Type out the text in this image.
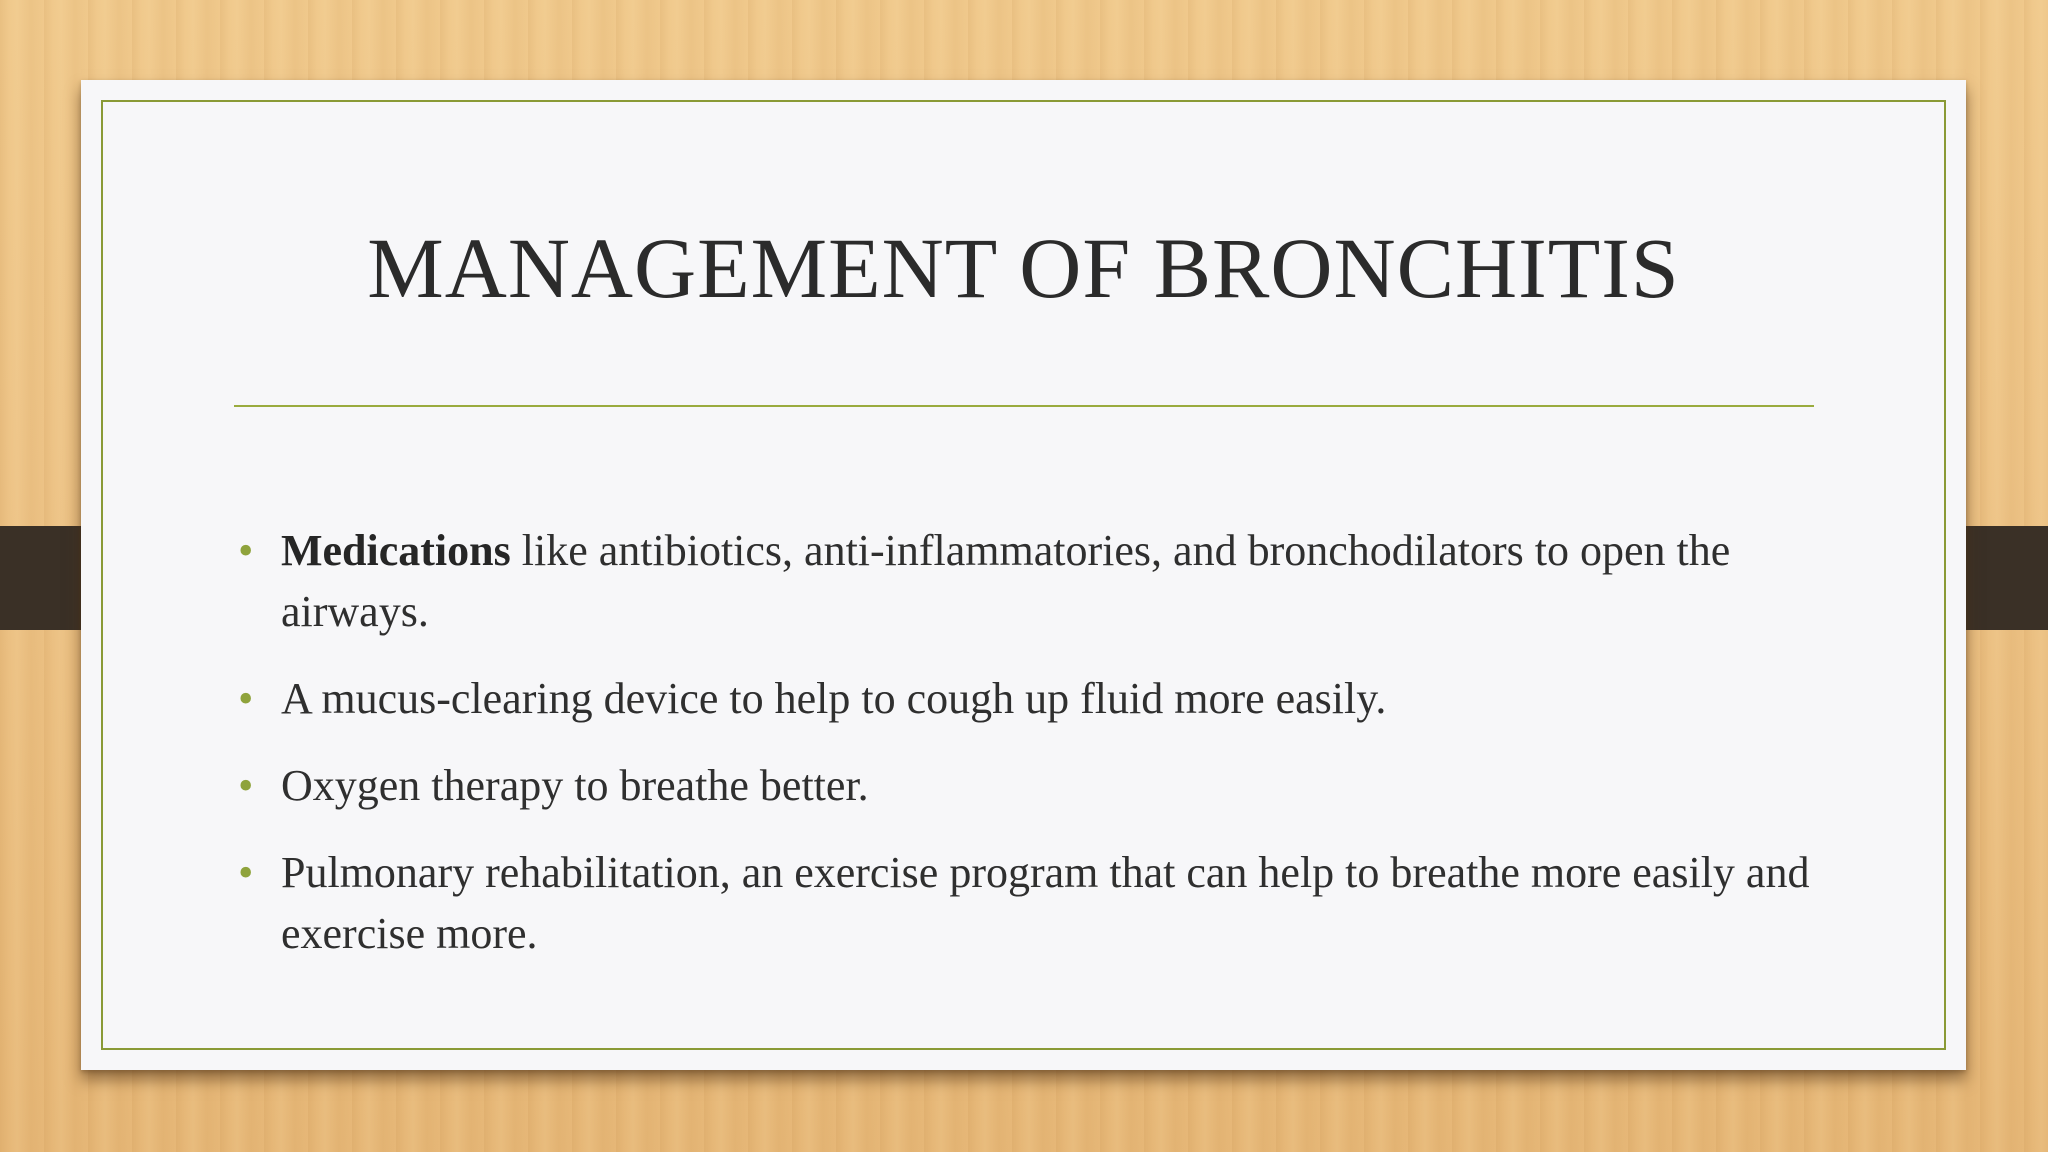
MANAGEMENT OF BRONCHITIS
• Medications like antibiotics, anti-inflammatories, and bronchodilators to open the airways.
• A mucus-clearing device to help to cough up fluid more easily.
• Oxygen therapy to breathe better.
• Pulmonary rehabilitation, an exercise program that can help to breathe more easily and exercise more.
